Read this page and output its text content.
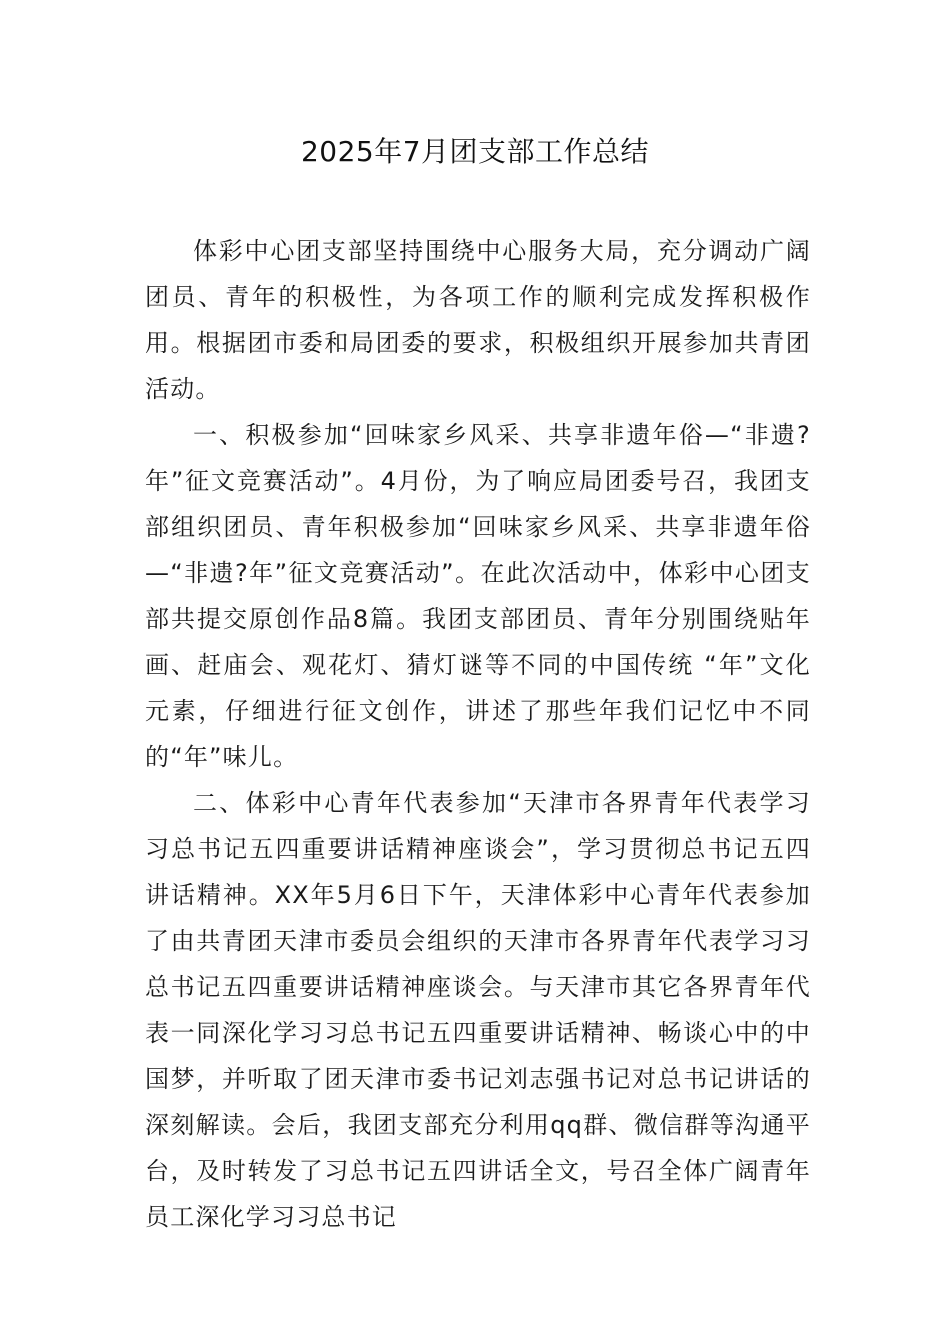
2025年7月团支部工作总结

体彩中心团支部坚持围绕中心服务大局，充分调动广阔团员、青年的积极性，为各项工作的顺利完成发挥积极作用。根据团市委和局团委的要求，积极组织开展参加共青团活动。

一、积极参加“回味家乡风采、共享非遗年俗—“非遗?年”征文竞赛活动”。4月份，为了响应局团委号召，我团支部组织团员、青年积极参加“回味家乡风采、共享非遗年俗—“非遗?年”征文竞赛活动”。在此次活动中，体彩中心团支部共提交原创作品8篇。我团支部团员、青年分别围绕贴年画、赶庙会、观花灯、猜灯谜等不同的中国传统 “年”文化元素，仔细进行征文创作，讲述了那些年我们记忆中不同的“年”味儿。

二、体彩中心青年代表参加“天津市各界青年代表学习习总书记五四重要讲话精神座谈会”，学习贯彻总书记五四讲话精神。XX年5月6日下午，天津体彩中心青年代表参加了由共青团天津市委员会组织的天津市各界青年代表学习习总书记五四重要讲话精神座谈会。与天津市其它各界青年代表一同深化学习习总书记五四重要讲话精神、畅谈心中的中国梦，并听取了团天津市委书记刘志强书记对总书记讲话的深刻解读。会后，我团支部充分利用qq群、微信群等沟通平台，及时转发了习总书记五四讲话全文，号召全体广阔青年员工深化学习习总书记
